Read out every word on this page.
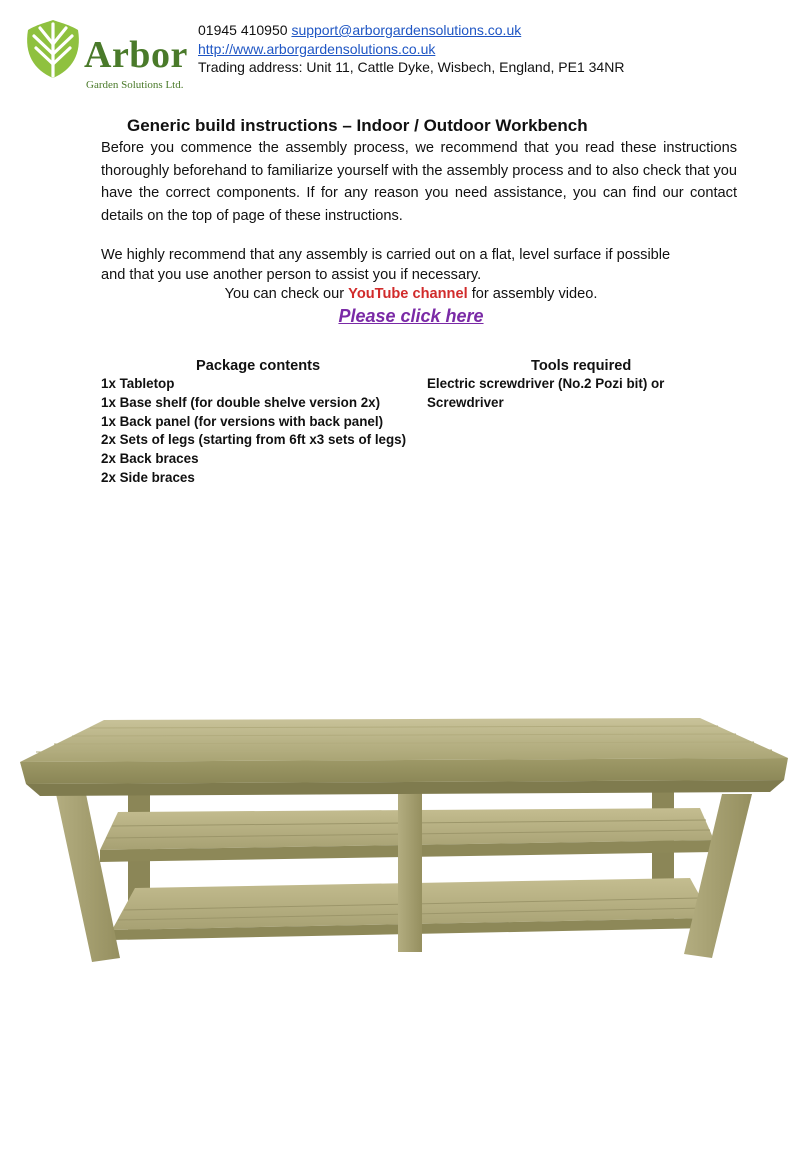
Arbor
Garden Solutions Ltd.
01945 410950 support@arborgardensolutions.co.uk
http://www.arborgardensolutions.co.uk
Trading address: Unit 11, Cattle Dyke, Wisbech, England, PE1 34NR
Generic build instructions – Indoor / Outdoor Workbench
Before you commence the assembly process, we recommend that you read these instructions thoroughly beforehand to familiarize yourself with the assembly process and to also check that you have the correct components. If for any reason you need assistance, you can find our contact details on the top of page of these instructions.
We highly recommend that any assembly is carried out on a flat, level surface if possible
and that you use another person to assist you if necessary.
You can check our YouTube channel for assembly video.
Please click here
Package contents
1x Tabletop
1x Base shelf (for double shelve version 2x)
1x Back panel (for versions with back panel)
2x Sets of legs (starting from 6ft x3 sets of legs)
2x Back braces
2x Side braces
Tools required
Electric screwdriver (No.2 Pozi bit) or Screwdriver
